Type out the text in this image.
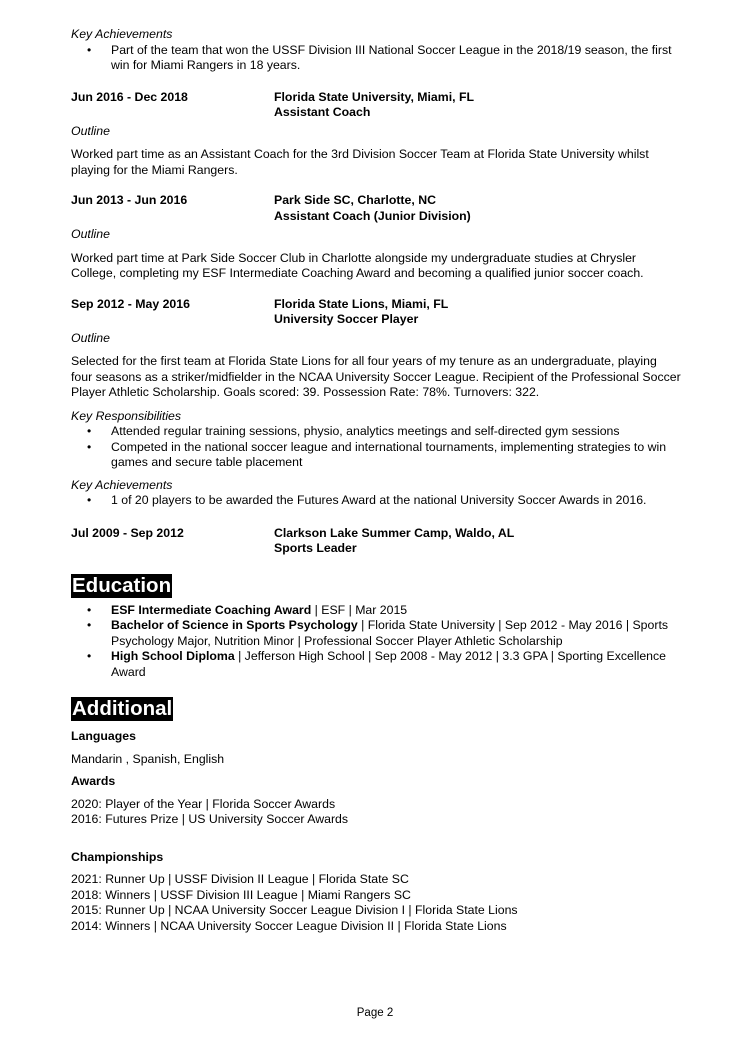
Key Achievements
• Part of the team that won the USSF Division III National Soccer League in the 2018/19 season, the first win for Miami Rangers in 18 years.
Jun 2016 - Dec 2018	Florida State University, Miami, FL
Assistant Coach
Outline

Worked part time as an Assistant Coach for the 3rd Division Soccer Team at Florida State University whilst playing for the Miami Rangers.

Jun 2013 - Jun 2016	Park Side SC, Charlotte, NC
Assistant Coach (Junior Division)
Outline

Worked part time at Park Side Soccer Club in Charlotte alongside my undergraduate studies at Chrysler College, completing my ESF Intermediate Coaching Award and becoming a qualified junior soccer coach.

Sep 2012 - May 2016	Florida State Lions, Miami, FL
University Soccer Player
Outline

Selected for the first team at Florida State Lions for all four years of my tenure as an undergraduate, playing four seasons as a striker/midfielder in the NCAA University Soccer League. Recipient of the Professional Soccer Player Athletic Scholarship. Goals scored: 39. Possession Rate: 78%. Turnovers: 322.

Key Responsibilities
• Attended regular training sessions, physio, analytics meetings and self-directed gym sessions
• Competed in the national soccer league and international tournaments, implementing strategies to win games and secure table placement
Key Achievements
• 1 of 20 players to be awarded the Futures Award at the national University Soccer Awards in 2016.
Jul 2009 - Sep 2012	Clarkson Lake Summer Camp, Waldo, AL
Sports Leader
Education
• ESF Intermediate Coaching Award | ESF | Mar 2015
• Bachelor of Science in Sports Psychology | Florida State University | Sep 2012 - May 2016 | Sports Psychology Major, Nutrition Minor | Professional Soccer Player Athletic Scholarship
• High School Diploma | Jefferson High School | Sep 2008 - May 2012 | 3.3 GPA | Sporting Excellence Award
Additional
Languages

Mandarin , Spanish, English

Awards

2020: Player of the Year | Florida Soccer Awards

2016: Futures Prize | US University Soccer Awards

Championships

2021: Runner Up | USSF Division II League | Florida State SC

2018: Winners | USSF Division III League | Miami Rangers SC

2015: Runner Up | NCAA University Soccer League Division I | Florida State Lions

2014: Winners | NCAA University Soccer League Division II | Florida State Lions

Page 2
